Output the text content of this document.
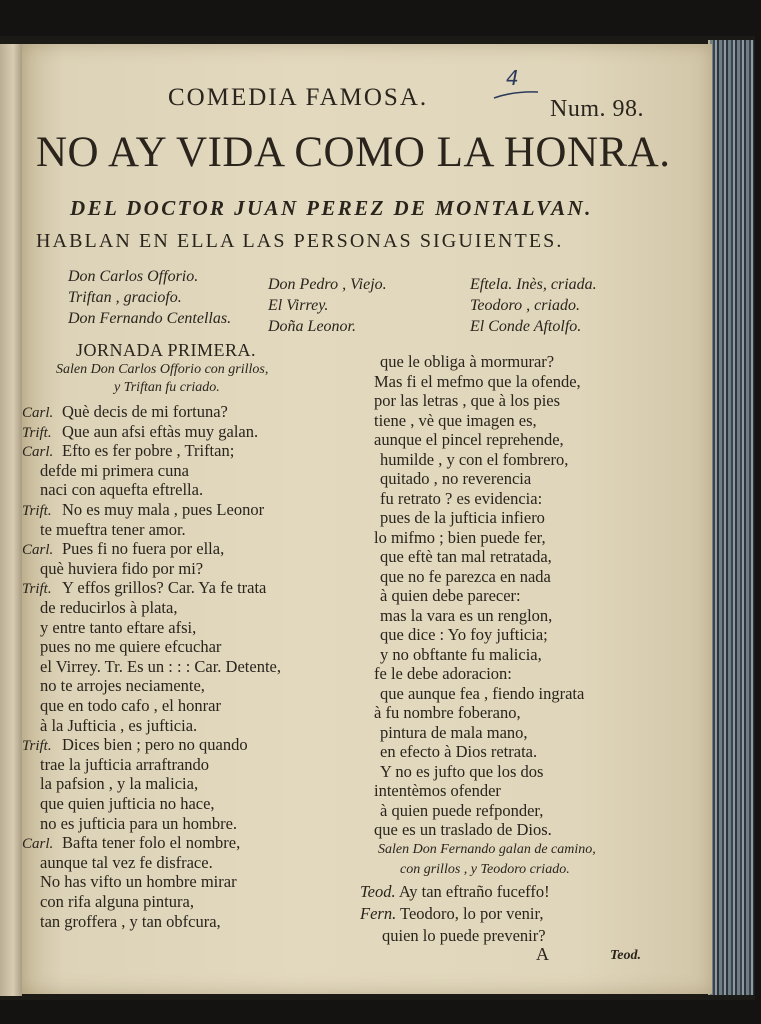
COMEDIA FAMOSA.
4
Num. 98.
NO AY VIDA COMO LA HONRA.
DEL DOCTOR JUAN PEREZ DE MONTALVAN.
HABLAN EN ELLA LAS PERSONAS SIGUIENTES.
Don Carlos Offorio.
Triftan , graciofo.
Don Fernando Centellas.
Don Pedro , Viejo.
El Virrey.
Doña Leonor.
Eftela. Inès, criada.
Teodoro , criado.
El Conde Aftolfo.
JORNADA PRIMERA.
Salen Don Carlos Offorio con grillos,
y Triftan fu criado.
Carl. Què decis de mi fortuna?
Trift. Que aun afsi eftàs muy galan.
Carl. Efto es fer pobre , Triftan;
defde mi primera cuna
naci con aquefta eftrella.
Trift. No es muy mala , pues Leonor
te mueftra tener amor.
Carl. Pues fi no fuera por ella,
què huviera fido por mi?
Trift. Y effos grillos? Car. Ya fe trata
de reducirlos à plata,
y entre tanto eftare afsi,
pues no me quiere efcuchar
el Virrey. Tr. Es un : : : Car. Detente,
no te arrojes neciamente,
que en todo cafo , el honrar
à la Jufticia , es jufticia.
Trift. Dices bien ; pero no quando
trae la jufticia arraftrando
la pafsion , y la malicia,
que quien jufticia no hace,
no es jufticia para un hombre.
Carl. Bafta tener folo el nombre,
aunque tal vez fe disfrace.
No has vifto un hombre mirar
con rifa alguna pintura,
tan groffera , y tan obfcura,
que le obliga à mormurar?
Mas fi el mefmo que la ofende,
por las letras , que à los pies
tiene , vè que imagen es,
aunque el pincel reprehende,
humilde , y con el fombrero,
quitado , no reverencia
fu retrato ? es evidencia:
pues de la jufticia infiero
lo mifmo ; bien puede fer,
que eftè tan mal retratada,
que no fe parezca en nada
à quien debe parecer:
mas la vara es un renglon,
que dice : Yo foy jufticia;
y no obftante fu malicia,
fe le debe adoracion:
que aunque fea , fiendo ingrata
à fu nombre foberano,
pintura de mala mano,
en efecto à Dios retrata.
Y no es jufto que los dos
intentèmos ofender
à quien puede refponder,
que es un traslado de Dios.
Salen Don Fernando galan de camino,
con grillos , y Teodoro criado.
Teod. Ay tan eftraño fuceffo!
Fern. Teodoro, lo por venir,
quien lo puede prevenir?
A	Teod.
